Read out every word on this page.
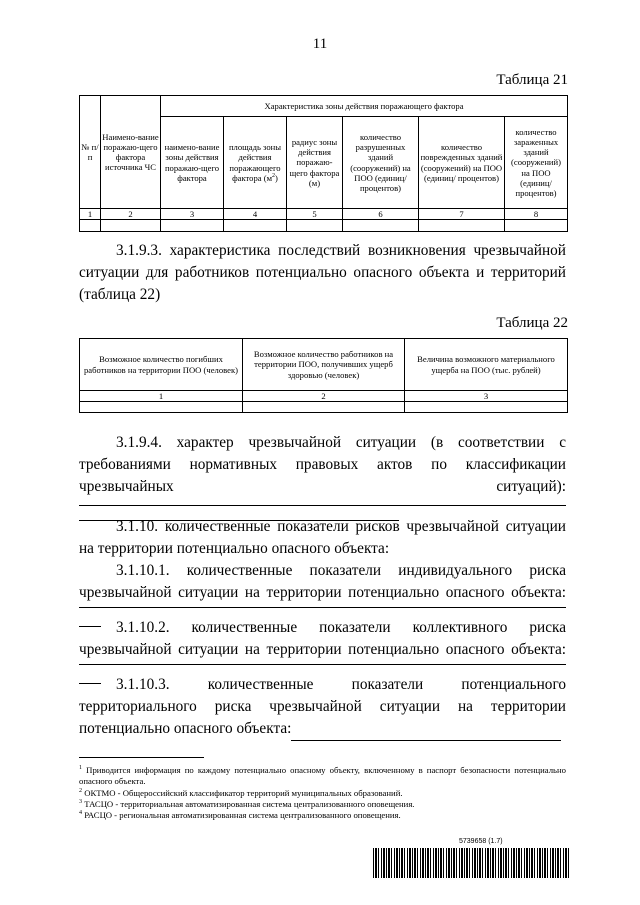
11
Таблица 21
№ п/п	Наимено-вание поражаю-щего фактора источника ЧС	Характеристика зоны действия поражающего фактора					
		наимено-вание зоны действия поражаю-щего фактора	площадь зоны действия поражающего фактора $(м^2)$	радиус зоны действия поражаю-щего фактора (м)	количество разрушенных зданий (сооружений) на ПОО (единиц/ процентов)	количество поврежденных зданий (сооружений) на ПОО (единиц/ процентов)	количество зараженных зданий (сооружений) на ПОО (единиц/ процентов)
1	2	3	4	5	6	7	8

3.1.9.3. характеристика последствий возникновения чрезвычайной ситуации для работников потенциально опасного объекта и территорий (таблица 22)
Таблица 22
Возможное количество погибших работников на территории ПОО (человек)	Возможное количество работников на территории ПОО, получивших ущерб здоровью (человек)	Величина возможного материального ущерба на ПОО (тыс. рублей)
1	2	3

3.1.9.4. характер чрезвычайной ситуации (в соответствии с требованиями нормативных правовых актов по классификации чрезвычайных ситуаций):
3.1.10. количественные показатели рисков чрезвычайной ситуации на территории потенциально опасного объекта:
3.1.10.1. количественные показатели индивидуального риска чрезвычайной ситуации на территории потенциально опасного объекта:
3.1.10.2. количественные показатели коллективного риска чрезвычайной ситуации на территории потенциально опасного объекта:
3.1.10.3. количественные показатели потенциального территориального риска чрезвычайной ситуации на территории потенциально опасного объекта:
$^1$ Приводится информация по каждому потенциально опасному объекту, включенному в паспорт безопасности потенциально опасного объекта.
$^2$ ОКТМО - Общероссийский классификатор территорий муниципальных образований.
$^3$ ТАСЦО - территориальная автоматизированная система централизованного оповещения.
$^4$ РАСЦО - региональная автоматизированная система централизованного оповещения.
5739658 (1.7)
